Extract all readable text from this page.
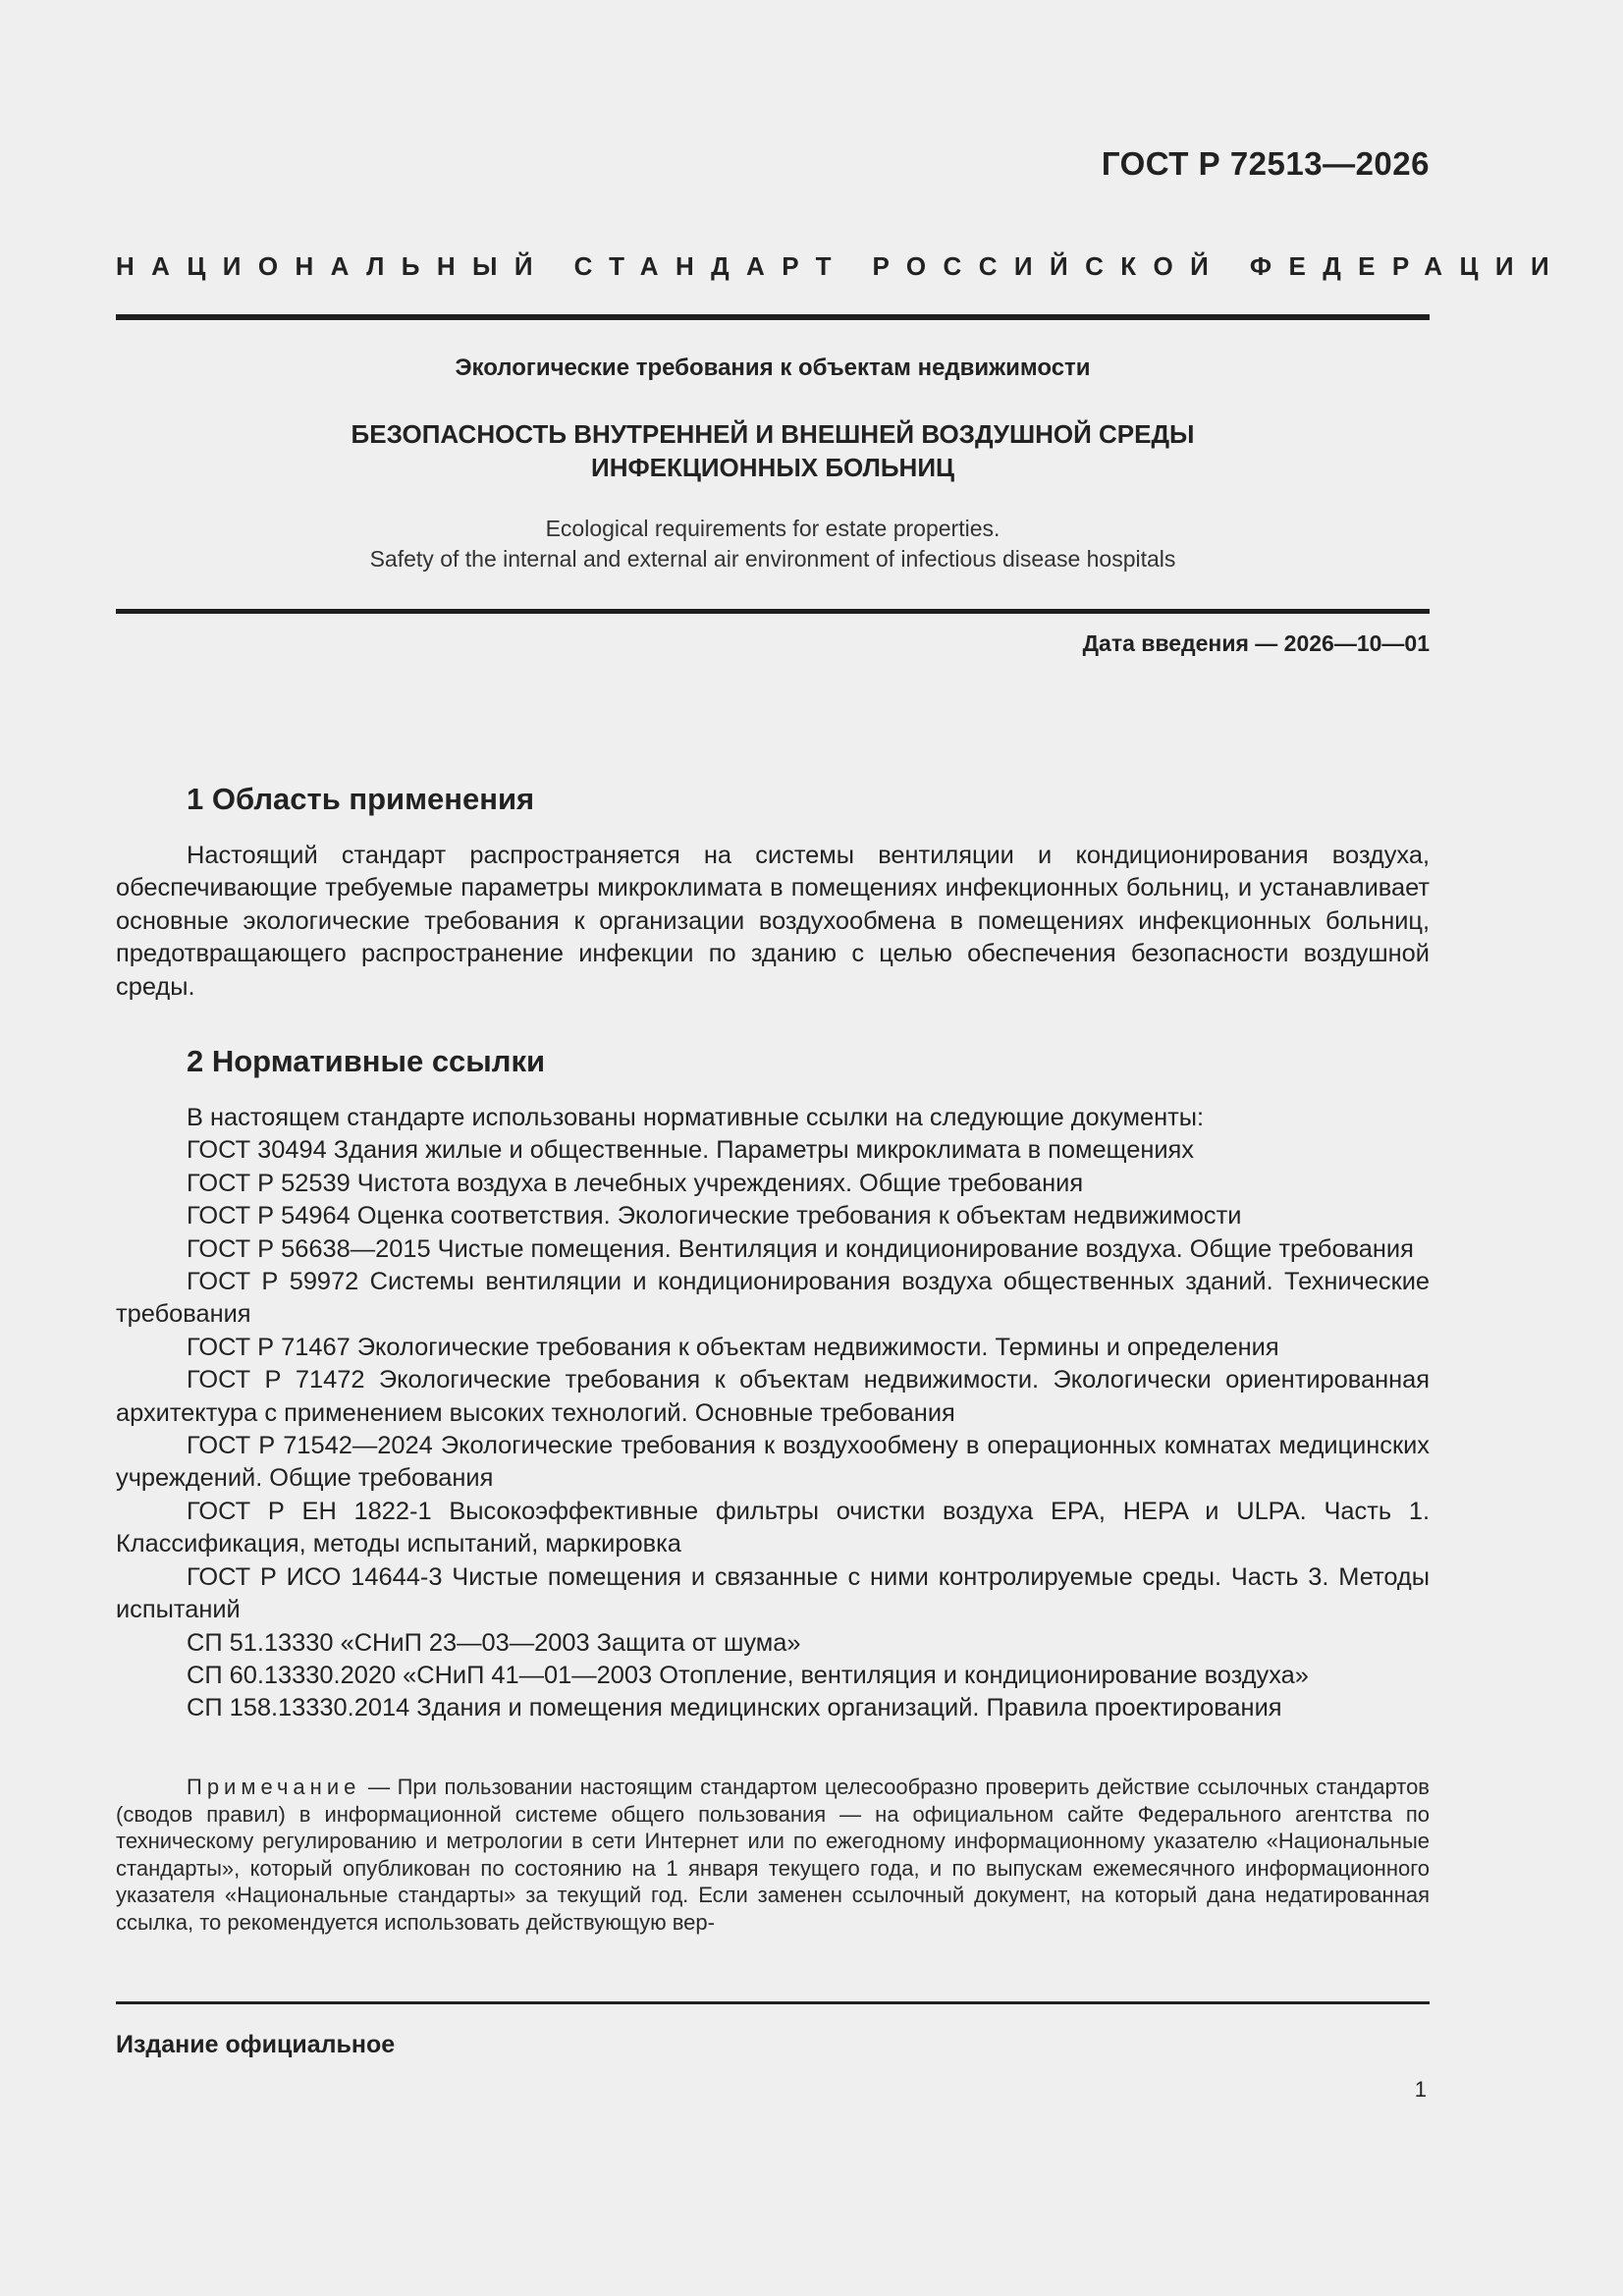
ГОСТ Р 72513—2026
НАЦИОНАЛЬНЫЙ СТАНДАРТ РОССИЙСКОЙ ФЕДЕРАЦИИ
Экологические требования к объектам недвижимости
БЕЗОПАСНОСТЬ ВНУТРЕННЕЙ И ВНЕШНЕЙ ВОЗДУШНОЙ СРЕДЫ
ИНФЕКЦИОННЫХ БОЛЬНИЦ
Ecological requirements for estate properties.
Safety of the internal and external air environment of infectious disease hospitals
Дата введения — 2026—10—01
1 Область применения

Настоящий стандарт распространяется на системы вентиляции и кондиционирования воздуха, обеспечивающие требуемые параметры микроклимата в помещениях инфекционных больниц, и устанавливает основные экологические требования к организации воздухообмена в помещениях инфекционных больниц, предотвращающего распространение инфекции по зданию с целью обеспечения безопасности воздушной среды.

2 Нормативные ссылки

В настоящем стандарте использованы нормативные ссылки на следующие документы:

ГОСТ 30494 Здания жилые и общественные. Параметры микроклимата в помещениях

ГОСТ Р 52539 Чистота воздуха в лечебных учреждениях. Общие требования

ГОСТ Р 54964 Оценка соответствия. Экологические требования к объектам недвижимости

ГОСТ Р 56638—2015 Чистые помещения. Вентиляция и кондиционирование воздуха. Общие требования

ГОСТ Р 59972 Системы вентиляции и кондиционирования воздуха общественных зданий. Технические требования

ГОСТ Р 71467 Экологические требования к объектам недвижимости. Термины и определения

ГОСТ Р 71472 Экологические требования к объектам недвижимости. Экологически ориентированная архитектура с применением высоких технологий. Основные требования

ГОСТ Р 71542—2024 Экологические требования к воздухообмену в операционных комнатах медицинских учреждений. Общие требования

ГОСТ Р ЕН 1822-1 Высокоэффективные фильтры очистки воздуха EPA, HEPA и ULPA. Часть 1. Классификация, методы испытаний, маркировка

ГОСТ Р ИСО 14644-3 Чистые помещения и связанные с ними контролируемые среды. Часть 3. Методы испытаний

СП 51.13330 «СНиП 23—03—2003 Защита от шума»

СП 60.13330.2020 «СНиП 41—01—2003 Отопление, вентиляция и кондиционирование воздуха»

СП 158.13330.2014 Здания и помещения медицинских организаций. Правила проектирования

Примечание — При пользовании настоящим стандартом целесообразно проверить действие ссылочных стандартов (сводов правил) в информационной системе общего пользования — на официальном сайте Федерального агентства по техническому регулированию и метрологии в сети Интернет или по ежегодному информационному указателю «Национальные стандарты», который опубликован по состоянию на 1 января текущего года, и по выпускам ежемесячного информационного указателя «Национальные стандарты» за текущий год. Если заменен ссылочный документ, на который дана недатированная ссылка, то рекомендуется использовать действующую вер-

Издание официальное
1
